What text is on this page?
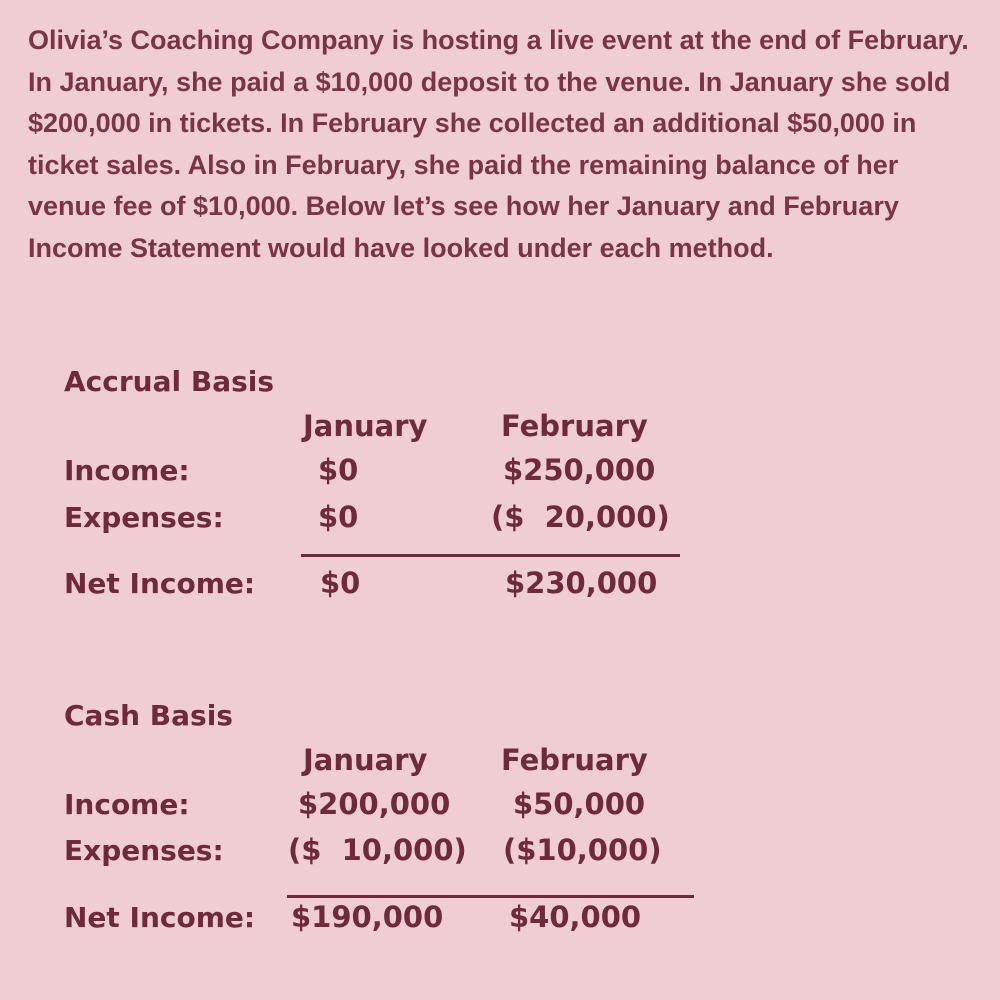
Olivia’s Coaching Company is hosting a live event at the end of February. In January, she paid a $10,000 deposit to the venue. In January she sold $200,000 in tickets. In February she collected an additional $50,000 in ticket sales. Also in February, she paid the remaining balance of her venue fee of $10,000. Below let’s see how her January and February Income Statement would have looked under each method.

Accrual Basis
January	February
Income:	$0	$250,000
Expenses:	$0	($  20,000)
Net Income: $0	$230,000
Cash Basis
January	February
Income:	$200,000 $50,000
Expenses: ($  10,000) ($10,000)
Net Income: $190,000 $40,000
